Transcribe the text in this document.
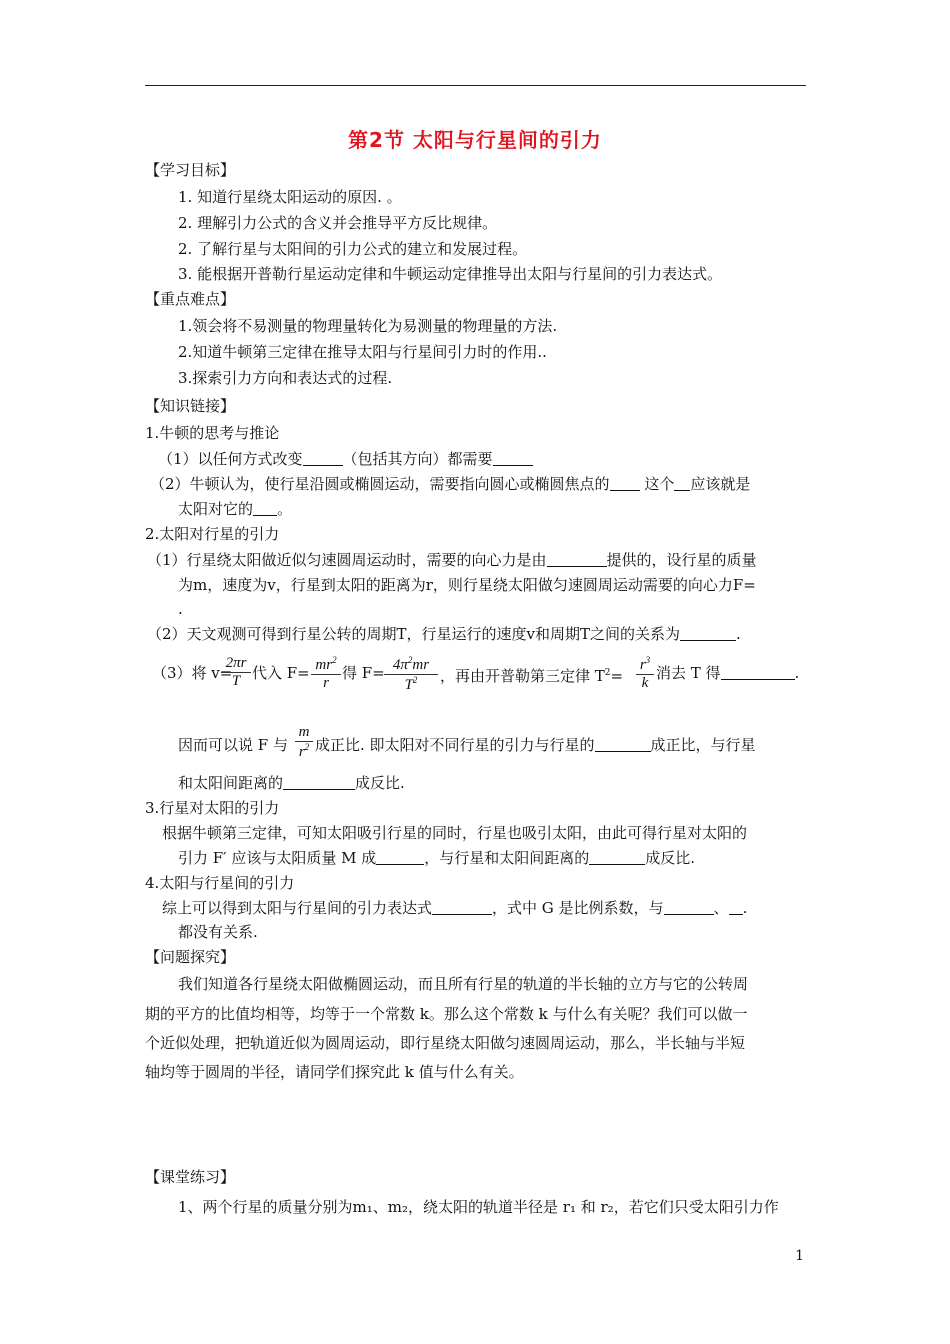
第2节 太阳与行星间的引力
【学习目标】
1. 知道行星绕太阳运动的原因. 。
2. 理解引力公式的含义并会推导平方反比规律。
2. 了解行星与太阳间的引力公式的建立和发展过程。
3. 能根据开普勒行星运动定律和牛顿运动定律推导出太阳与行星间的引力表达式。
【重点难点】
1.领会将不易测量的物理量转化为易测量的物理量的方法.
2.知道牛顿第三定律在推导太阳与行星间引力时的作用..
3.探索引力方向和表达式的过程.
【知识链接】
1.牛顿的思考与推论
（1）以任何方式改变	（包括其方向）都需要
（2）牛顿认为，使行星沿圆或椭圆运动，需要指向圆心或椭圆焦点的 这个 应该就是
太阳对它的 。
2.太阳对行星的引力
（1）行星绕太阳做近似匀速圆周运动时，需要的向心力是由	提供的，设行星的质量
为m，速度为v，行星到太阳的距离为r，则行星绕太阳做匀速圆周运动需要的向心力F=
.
（2）天文观测可得到行星公转的周期T，行星运行的速度v和周期T之间的关系为	.
（3）将 v=
$\frac{2\pi r}{T}$ 代入 $F= \frac{mr^2}{r}$ 得 $F= \frac{4\pi^2mr}{T^2}$ ，再由开普勒第三定律 $T^2= \frac{r^3}{k}$ 消去 T 得	.
因而可以说 F 与 $\frac{m}{r^2}$ 成正比. 即太阳对不同行星的引力与行星的	成正比，与行星
和太阳间距离的	成反比.
3.行星对太阳的引力
根据牛顿第三定律，可知太阳吸引行星的同时，行星也吸引太阳，由此可得行星对太阳的
引力 F′ 应该与太阳质量 M 成	，与行星和太阳间距离的	成反比.
4.太阳与行星间的引力
综上可以得到太阳与行星间的引力表达式	，式中 G 是比例系数，与	、 .
都没有关系.
【问题探究】
我们知道各行星绕太阳做椭圆运动，而且所有行星的轨道的半长轴的立方与它的公转周
期的平方的比值均相等，均等于一个常数 k。那么这个常数 k 与什么有关呢？我们可以做一
个近似处理，把轨道近似为圆周运动，即行星绕太阳做匀速圆周运动，那么，半长轴与半短
轴均等于圆周的半径，请同学们探究此 k 值与什么有关。
【课堂练习】
1、两个行星的质量分别为m₁、m₂，绕太阳的轨道半径是 r₁ 和 r₂，若它们只受太阳引力作
1
